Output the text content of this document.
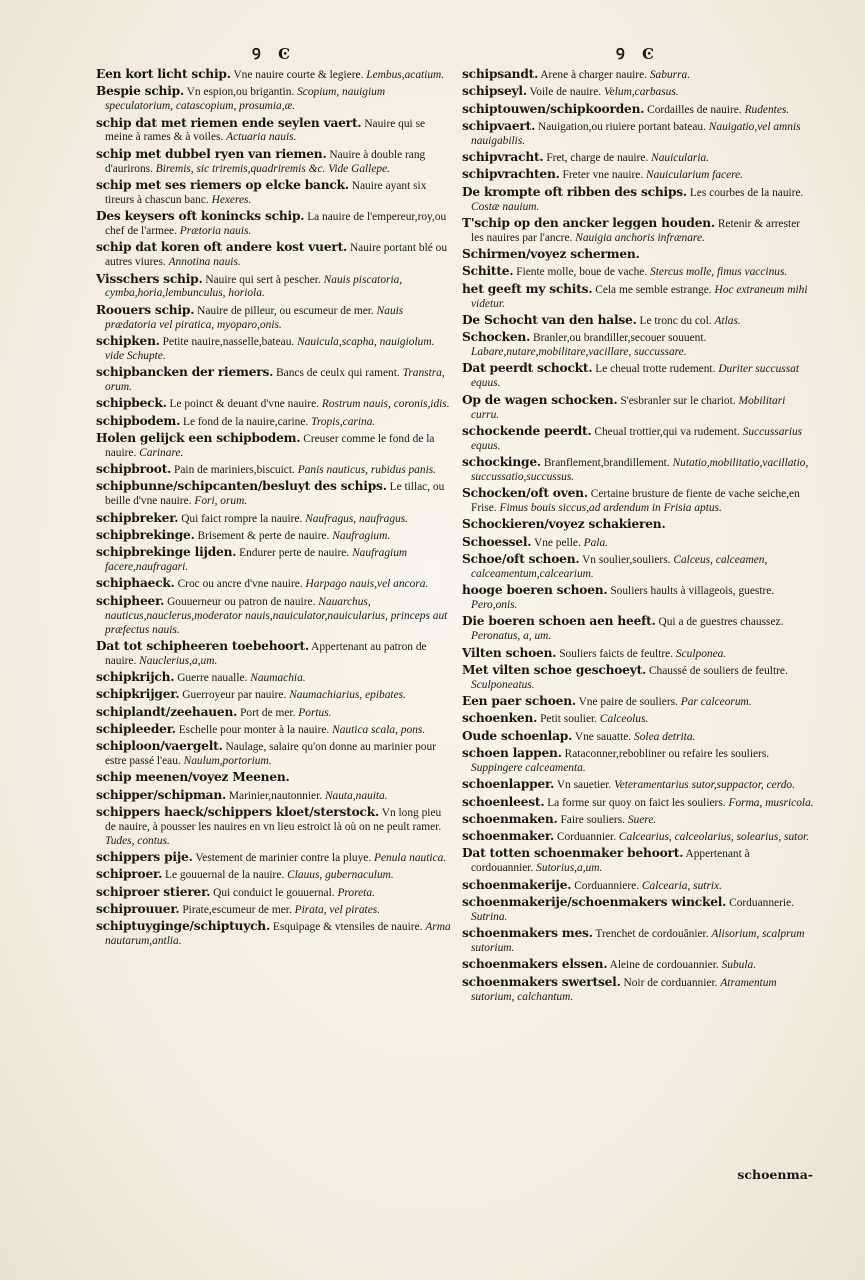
Ꝯ Ͼ

Een kort licht schip. Vne nauire courte & legiere. Lembus,acatium.

Bespie schip. Vn espion,ou brigantin. Scopium, nauigium speculatorium, catascopium, prosumia,æ.

schip dat met riemen ende seylen vaert. Nauire qui se meine à rames & à voiles. Actuaria nauis.

schip met dubbel ryen van riemen. Nauire à double rang d'aurirons. Biremis, sic triremis,quadriremis &c. Vide Gallepe.

schip met ses riemers op elcke banck. Nauire ayant six tireurs à chascun banc. Hexeres.

Des keysers oft konincks schip. La nauire de l'empereur,roy,ou chef de l'armee. Prætoria nauis.

schip dat koren oft andere kost vuert. Nauire portant blé ou autres viures. Annotina nauis.

Visschers schip. Nauire qui sert à pescher. Nauis piscatoria, cymba,horia,lembunculus, horiola.

Roouers schip. Nauire de pilleur, ou escumeur de mer. Nauis prædatoria vel piratica, myoparo,onis.

schipken. Petite nauire,nasselle,bateau. Nauicula,scapha, nauigiolum. vide Schupte.

schipbancken der riemers. Bancs de ceulx qui rament. Transtra, orum.

schipbeck. Le poinct & deuant d'vne nauire. Rostrum nauis, coronis,idis.

schipbodem. Le fond de la nauire,carine. Tropis,carina.

Holen gelijck een schipbodem. Creuser comme le fond de la nauire. Carinare.

schipbroot. Pain de mariniers,biscuict. Panis nauticus, rubidus panis.

schipbunne/schipcanten/besluyt des schips. Le tillac, ou beille d'vne nauire. Fori, orum.

schipbreker. Qui faict rompre la nauire. Naufragus, naufragus.

schipbrekinge. Brisement & perte de nauire. Naufragium.

schipbrekinge lijden. Endurer perte de nauire. Naufragium facere,naufragari.

schiphaeck. Croc ou ancre d'vne nauire. Harpago nauis,vel ancora.

schipheer. Gouuerneur ou patron de nauire. Nauarchus, nauticus,nauclerus,moderator nauis,nauiculator,nauicularius, princeps aut præfectus nauis.

Dat tot schipheeren toebehoort. Appertenant au patron de nauire. Nauclerius,a,um.

schipkrijch. Guerre naualle. Naumachia.

schipkrijger. Guerroyeur par nauire. Naumachiarius, epibates.

schiplandt/zeehauen. Port de mer. Portus.

schipleeder. Eschelle pour monter à la nauire. Nautica scala, pons.

schiploon/vaergelt. Naulage, salaire qu'on donne au marinier pour estre passé l'eau. Naulum,portorium.

schip meenen/voyez Meenen.

schipper/schipman. Marinier,nautonnier. Nauta,nauita.

schippers haeck/schippers kloet/sterstock. Vn long pieu de nauire, à pousser les nauires en vn lieu estroict là où on ne peult ramer. Tudes, contus.

schippers pije. Vestement de marinier contre la pluye. Penula nautica.

schiproer. Le gouuernal de la nauire. Clauus, gubernaculum.

schiproer stierer. Qui conduict le gouuernal. Proreta.

schiprouuer. Pirate,escumeur de mer. Pirata, vel pirates.

schiptuyginge/schiptuych. Esquipage & vtensiles de nauire. Arma nautarum,antlia.

Ꝯ Ͼ

schipsandt. Arene à charger nauire. Saburra.

schipseyl. Voile de nauire. Velum,carbasus.

schiptouwen/schipkoorden. Cordailles de nauire. Rudentes.

schipvaert. Nauigation,ou riuiere portant bateau. Nauigatio,vel amnis nauigabilis.

schipvracht. Fret, charge de nauire. Nauicularia.

schipvrachten. Freter vne nauire. Nauicularium facere.

De krompte oft ribben des schips. Les courbes de la nauire. Costæ nauium.

T'schip op den ancker leggen houden. Retenir & arrester les nauires par l'ancre. Nauigia anchoris infrænare.

Schirmen/voyez schermen.

Schitte. Fiente molle, boue de vache. Stercus molle, fimus vaccinus.

het geeft my schits. Cela me semble estrange. Hoc extraneum mihi videtur.

De Schocht van den halse. Le tronc du col. Atlas.

Schocken. Branler,ou brandiller,secouer souuent. Labare,nutare,mobilitare,vacillare, succussare.

Dat peerdt schockt. Le cheual trotte rudement. Duriter succussat equus.

Op de wagen schocken. S'esbranler sur le chariot. Mobilitari curru.

schockende peerdt. Cheual trottier,qui va rudement. Succussarius equus.

schockinge. Branflement,brandillement. Nutatio,mobilitatio,vacillatio, succussatio,succussus.

Schocken/oft oven. Certaine brusture de fiente de vache seiche,en Frise. Fimus bouis siccus,ad ardendum in Frisia aptus.

Schockieren/voyez schakieren.

Schoessel. Vne pelle. Pala.

Schoe/oft schoen. Vn soulier,souliers. Calceus, calceamen, calceamentum,calcearium.

hooge boeren schoen. Souliers haults à villageois, guestre. Pero,onis.

Die boeren schoen aen heeft. Qui a de guestres chaussez. Peronatus, a, um.

Vilten schoen. Souliers faicts de feultre. Sculponea.

Met vilten schoe geschoeyt. Chaussé de souliers de feultre. Sculponeatus.

Een paer schoen. Vne paire de souliers. Par calceorum.

schoenken. Petit soulier. Calceolus.

Oude schoenlap. Vne sauatte. Solea detrita.

schoen lappen. Rataconner,rebobliner ou refaire les souliers. Suppingere calceamenta.

schoenlapper. Vn sauetier. Veteramentarius sutor,suppactor, cerdo.

schoenleest. La forme sur quoy on faict les souliers. Forma, musricola.

schoenmaken. Faire souliers. Suere.

schoenmaker. Corduannier. Calcearius, calceolarius, solearius, sutor.

Dat totten schoenmaker behoort. Appertenant à cordouannier. Sutorius,a,um.

schoenmakerije. Corduanniere. Calcearia, sutrix.

schoenmakerije/schoenmakers winckel. Corduannerie. Sutrina.

schoenmakers mes. Trenchet de cordouânier. Alisorium, scalprum sutorium.

schoenmakers elssen. Aleine de cordouannier. Subula.

schoenmakers swertsel. Noir de corduannier. Atramentum sutorium, calchantum.

schoenma-
